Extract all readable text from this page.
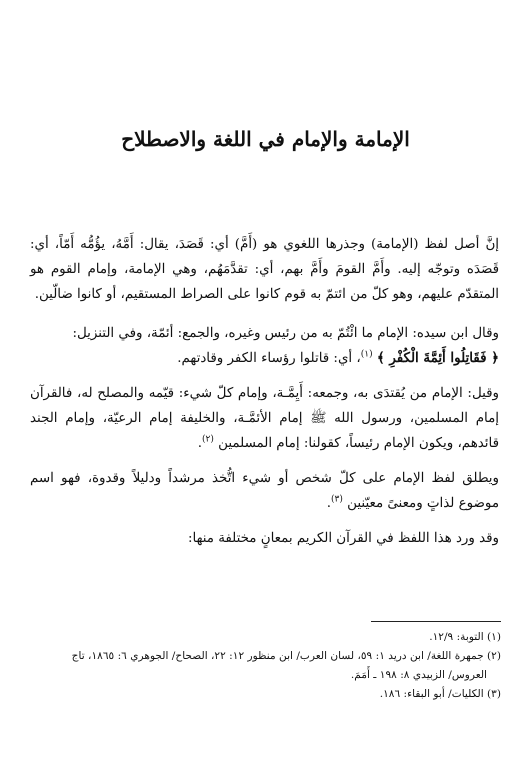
الإمامة والإمام في اللغة والاصطلاح

إنَّ أصل لفظ (الإمامة) وجذرها اللغوي هو (أَمَّ) أي: قَصَدَ، يقال: أَمَّهُ، يؤُمُّه أَمّاً، أي: قَصَدَه وتوجّه إليه. وأَمَّ القومَ وأَمَّ بهم، أي: تقدَّمَهُم، وهي الإمامة، وإمام القوم هو المتقدّم عليهم، وهو كلّ من ائتمّ به قوم كانوا على الصراط المستقيم، أو كانوا ضالّين.

وقال ابن سيده: الإمام ما ائْتُمّ به من رئيس وغيره، والجمع: أئمّة، وفي التنزيل:
﴿ فَقَاتِلُوا أَئِمَّةَ الْكُفْرِ ﴾ $^{(١)}$، أي: قاتلوا رؤساء الكفر وقادتهم.

وقيل: الإمام من يُقتدَى به، وجمعه: أَيِمَّـة، وإمام كلّ شيء: قيّمه والمصلح له، فالقرآن إمام المسلمين، ورسول الله ﷺ إمام الأئمَّـة، والخليفة إمام الرعيّة، وإمام الجند قائدهم، ويكون الإمام رئيساً، كقولنا: إمام المسلمين $^{(٢)}$.

ويطلق لفظ الإمام على كلّ شخص أو شيء اتُّخذ مرشداً ودليلاً وقدوة، فهو اسم موضوع لذاتٍ ومعنىً معيّنين $^{(٣)}$.

وقد ورد هذا اللفظ في القرآن الكريم بمعانٍ مختلفة منها:

(١) التوبة: ١٢/٩.

(٢) جمهرة اللغة/ ابن دريد ١: ٥٩، لسان العرب/ ابن منظور ١٢: ٢٢، الصحاح/ الجوهري ٦: ١٨٦٥، تاج

العروس/ الزبيدي ٨: ١٩٨ ـ أَمَمَ.

(٣) الكليات/ أبو البقاء: ١٨٦.
